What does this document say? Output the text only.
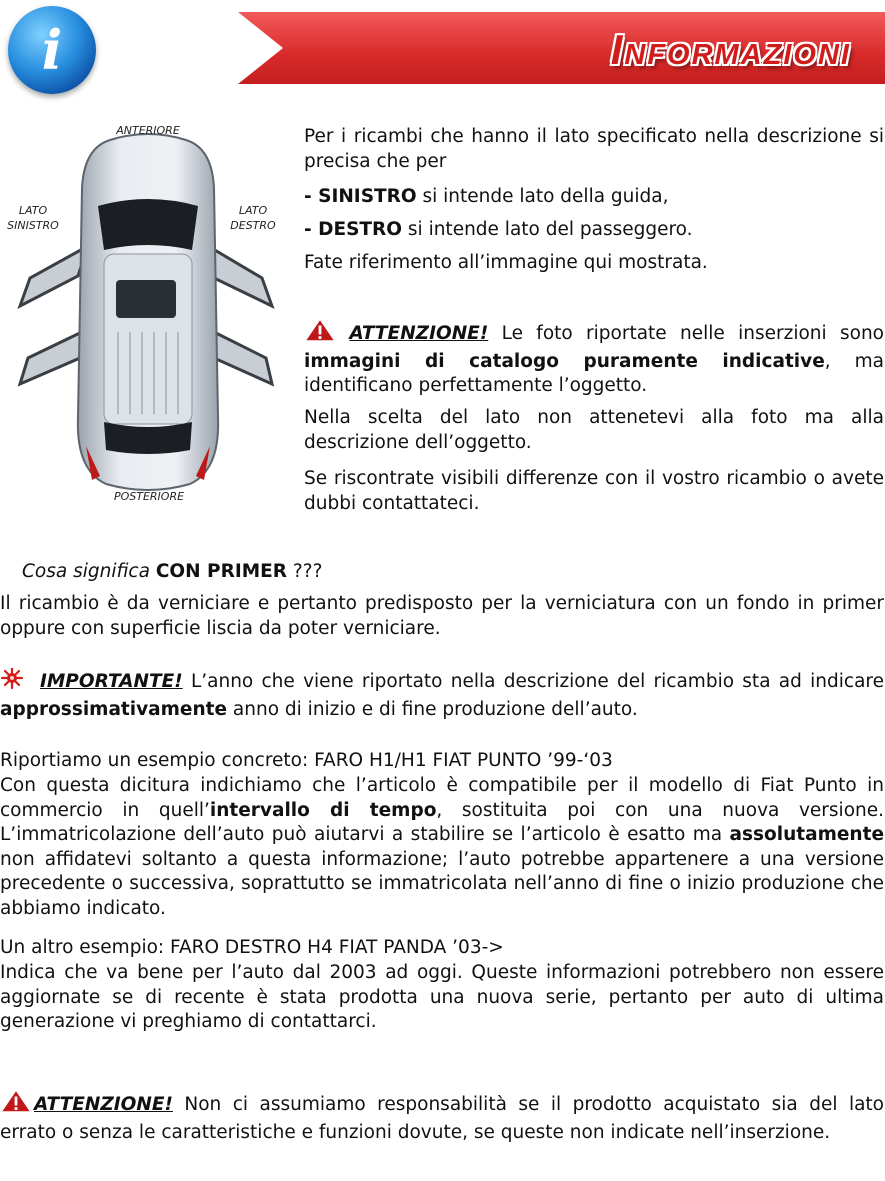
i	Informazioni
ANTERIORE
LATO
SINISTRO
LATO
DESTRO
POSTERIORE

Per i ricambi che hanno il lato specificato nella descrizione si precisa che per

- SINISTRO si intende lato della guida,

- DESTRO si intende lato del passeggero.

Fate riferimento all’immagine qui mostrata.

ATTENZIONE! Le foto riportate nelle inserzioni sono immagini di catalogo puramente indicative, ma identificano perfettamente l’oggetto.

Nella scelta del lato non attenetevi alla foto ma alla descrizione dell’oggetto.

Se riscontrate visibili differenze con il vostro ricambio o avete dubbi contattateci.

Cosa significa CON PRIMER ???

Il ricambio è da verniciare e pertanto predisposto per la verniciatura con un fondo in primer oppure con superficie liscia da poter verniciare.

IMPORTANTE! L’anno che viene riportato nella descrizione del ricambio sta ad indicare approssimativamente anno di inizio e di fine produzione dell’auto.

Riportiamo un esempio concreto: FARO H1/H1 FIAT PUNTO ’99-‘03

Con questa dicitura indichiamo che l’articolo è compatibile per il modello di Fiat Punto in commercio in quell’intervallo di tempo, sostituita poi con una nuova versione. L’immatricolazione dell’auto può aiutarvi a stabilire se l’articolo è esatto ma assolutamente non affidatevi soltanto a questa informazione; l’auto potrebbe appartenere a una versione precedente o successiva, soprattutto se immatricolata nell’anno di fine o inizio produzione che abbiamo indicato.

Un altro esempio: FARO DESTRO H4 FIAT PANDA ’03->

Indica che va bene per l’auto dal 2003 ad oggi. Queste informazioni potrebbero non essere aggiornate se di recente è stata prodotta una nuova serie, pertanto per auto di ultima generazione vi preghiamo di contattarci.

ATTENZIONE! Non ci assumiamo responsabilità se il prodotto acquistato sia del lato errato o senza le caratteristiche e funzioni dovute, se queste non indicate nell’inserzione.
